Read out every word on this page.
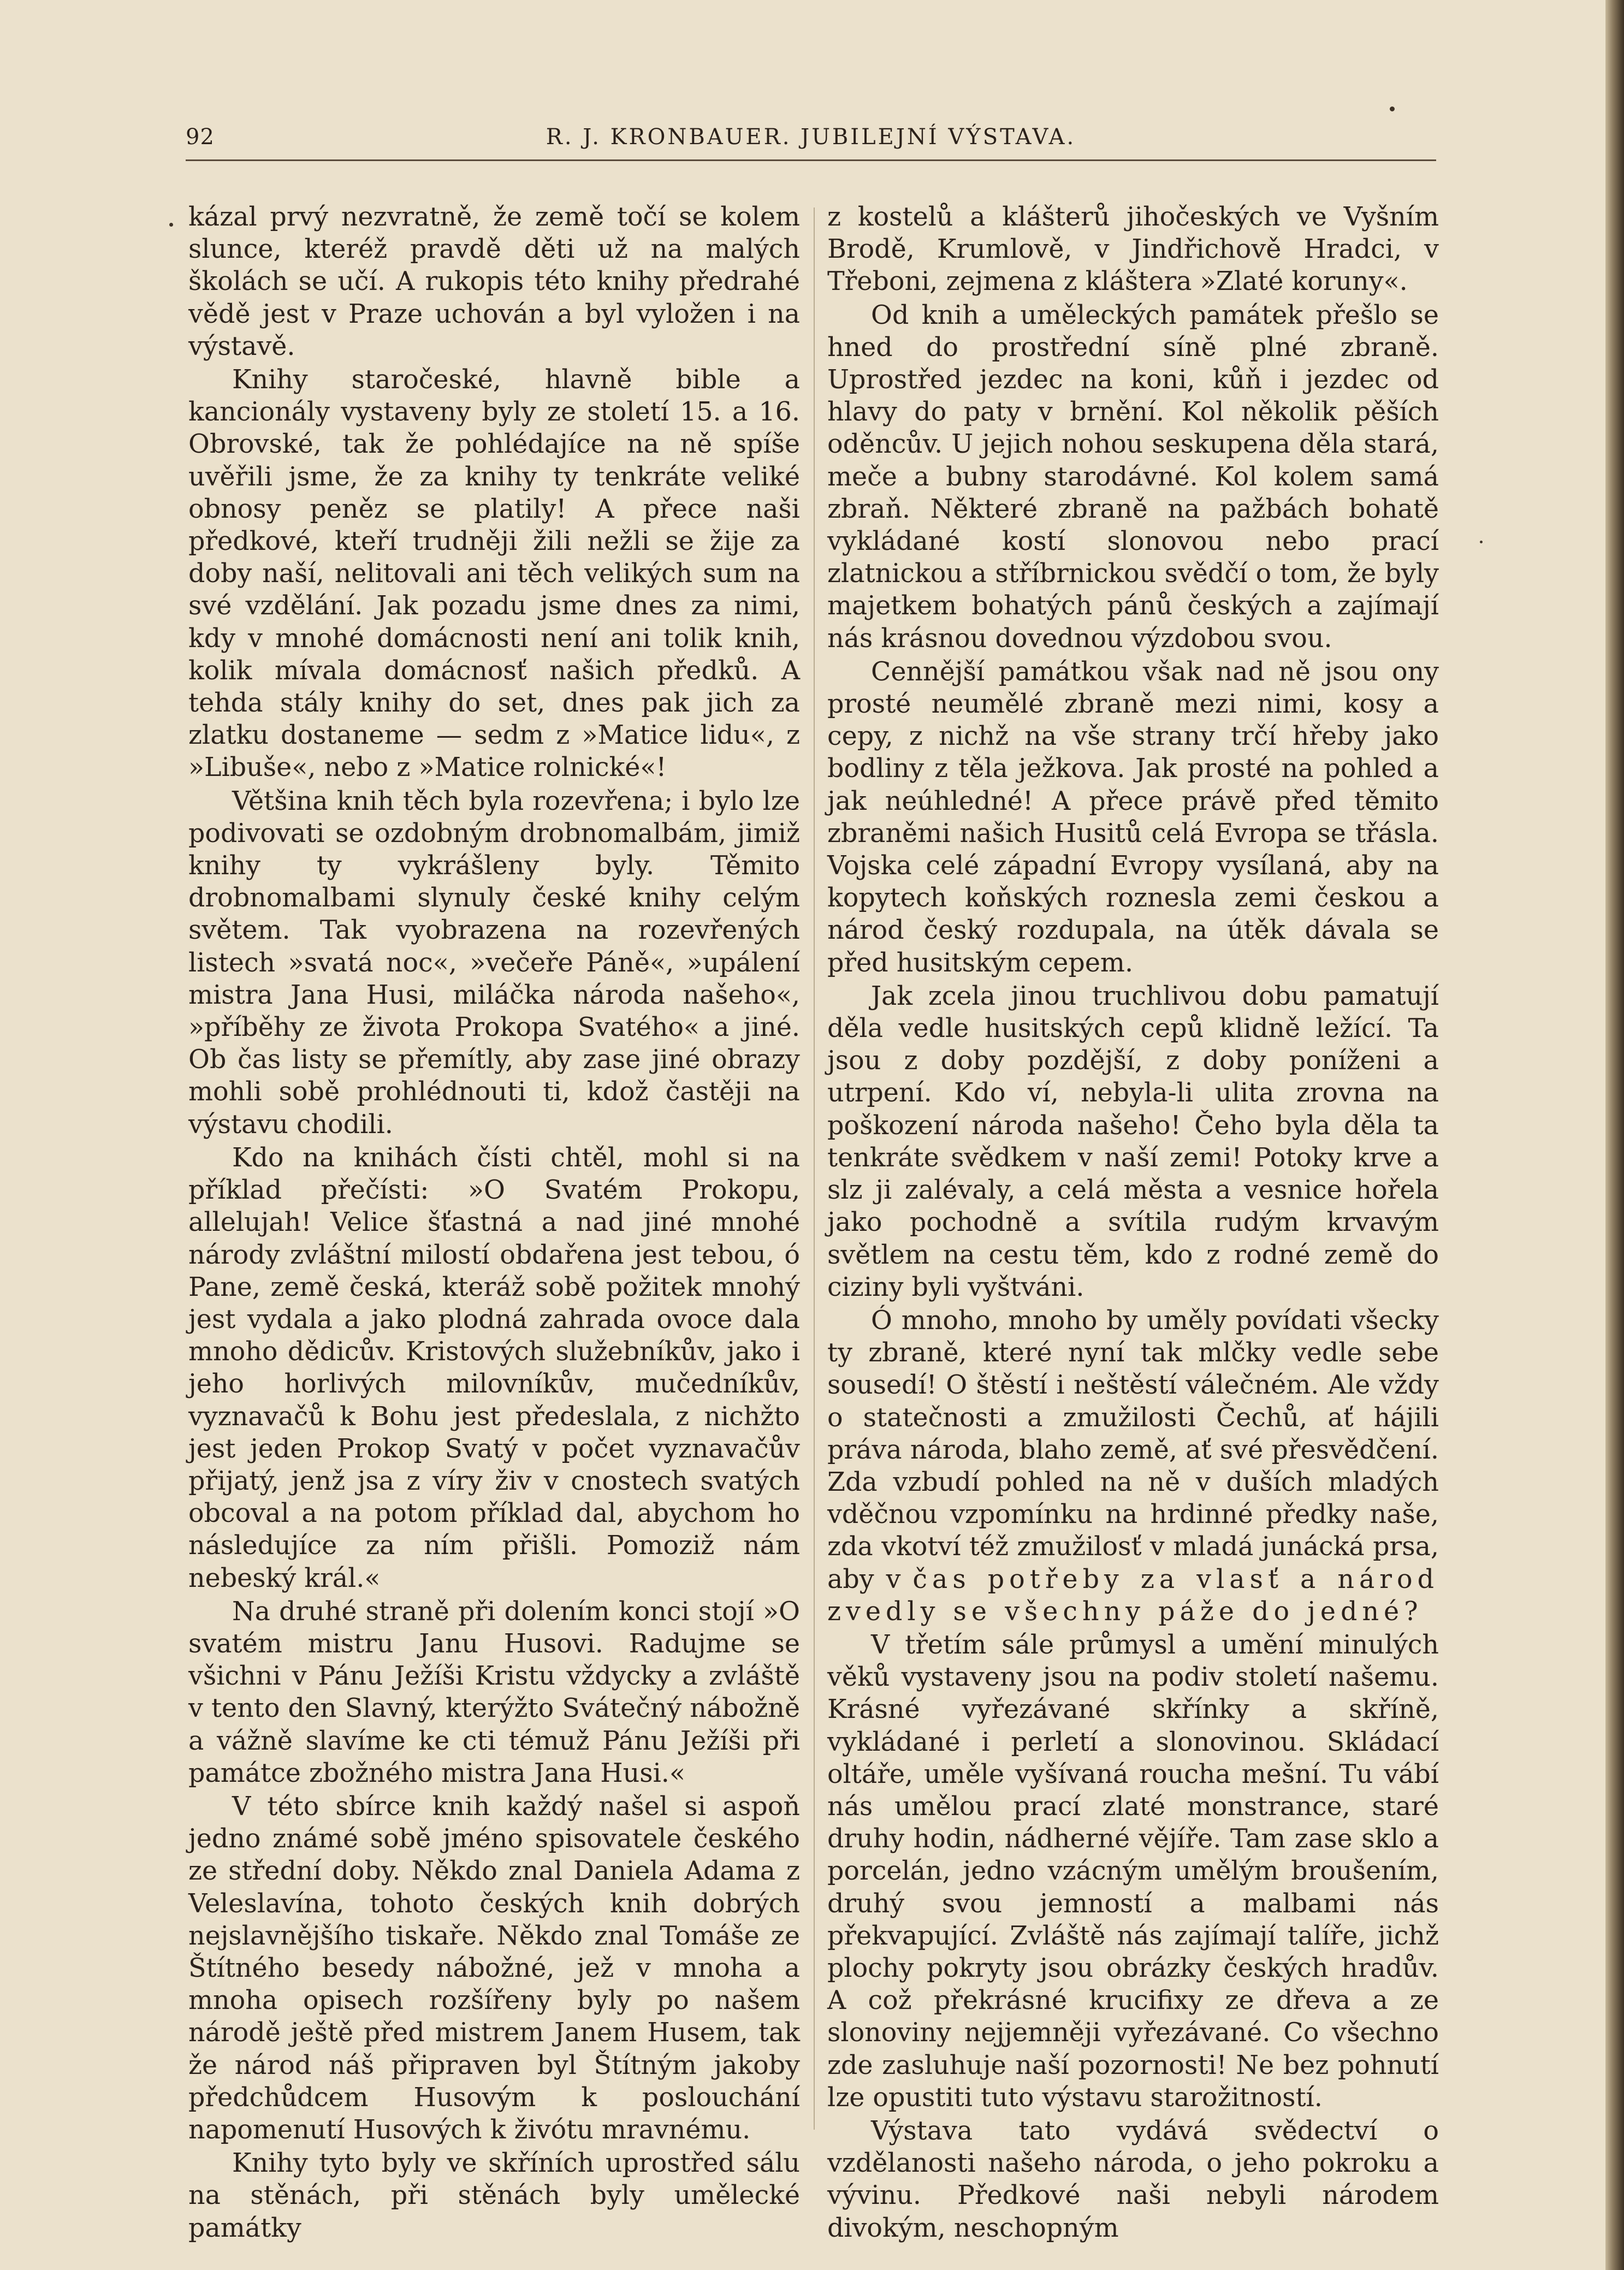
92	R. J. KRONBAUER. JUBILEJNÍ VÝSTAVA.

kázal prvý nezvratně, že země točí se kolem slunce, kteréž pravdě děti už na malých školách se učí. A rukopis této knihy předrahé vědě jest v Praze uchován a byl vyložen i na výstavě.

Knihy staročeské, hlavně bible a kancionály vystaveny byly ze století 15. a 16. Obrovské, tak že pohlédajíce na ně spíše uvěřili jsme, že za knihy ty tenkráte veliké obnosy peněz se platily! A přece naši předkové, kteří trudněji žili nežli se žije za doby naší, nelitovali ani těch velikých sum na své vzdělání. Jak pozadu jsme dnes za nimi, kdy v mnohé domácnosti není ani tolik knih, kolik mívala domácnosť našich předků. A tehda stály knihy do set, dnes pak jich za zlatku dostaneme — sedm z »Matice lidu«, z »Libuše«, nebo z »Matice rolnické«!

Většina knih těch byla rozevřena; i bylo lze podivovati se ozdobným drobnomalbám, jimiž knihy ty vykrášleny byly. Těmito drobnomalbami slynuly české knihy celým světem. Tak vyobrazena na rozevřených listech »svatá noc«, »večeře Páně«, »upálení mistra Jana Husi, miláčka národa našeho«, »příběhy ze života Prokopa Svatého« a jiné. Ob čas listy se přemítly, aby zase jiné obrazy mohli sobě prohlédnouti ti, kdož častěji na výstavu chodili.

Kdo na knihách čísti chtěl, mohl si na příklad přečísti: »O Svatém Prokopu, allelujah! Velice šťastná a nad jiné mnohé národy zvláštní milostí obdařena jest tebou, ó Pane, země česká, kteráž sobě požitek mnohý jest vydala a jako plodná zahrada ovoce dala mnoho dědicův. Kristových služebníkův, jako i jeho horlivých milovníkův, mučedníkův, vyznavačů k Bohu jest předeslala, z nichžto jest jeden Prokop Svatý v počet vyznavačův přijatý, jenž jsa z víry živ v cnostech svatých obcoval a na potom příklad dal, abychom ho následujíce za ním přišli. Pomoziž nám nebeský král.«

Na druhé straně při dolením konci stojí »O svatém mistru Janu Husovi. Radujme se všichni v Pánu Ježíši Kristu vždycky a zvláště v tento den Slavný, kterýžto Svátečný nábožně a vážně slavíme ke cti témuž Pánu Ježíši při památce zbožného mistra Jana Husi.«

V této sbírce knih každý našel si aspoň jedno známé sobě jméno spisovatele českého ze střední doby. Někdo znal Daniela Adama z Veleslavína, tohoto českých knih dobrých nejslavnějšího tiskaře. Někdo znal Tomáše ze Štítného besedy nábožné, jež v mnoha a mnoha opisech rozšířeny byly po našem národě ještě před mistrem Janem Husem, tak že národ náš připraven byl Štítným jakoby předchůdcem Husovým k poslouchání napomenutí Husových k živótu mravnému.

Knihy tyto byly ve skříních uprostřed sálu na stěnách, při stěnách byly umělecké památky

z kostelů a klášterů jihočeských ve Vyšním Brodě, Krumlově, v Jindřichově Hradci, v Třeboni, zejmena z kláštera »Zlaté koruny«.

Od knih a uměleckých památek přešlo se hned do prostřední síně plné zbraně. Uprostřed jezdec na koni, kůň i jezdec od hlavy do paty v brnění. Kol několik pěších oděncův. U jejich nohou seskupena děla stará, meče a bubny starodávné. Kol kolem samá zbraň. Některé zbraně na pažbách bohatě vykládané kostí slonovou nebo prací zlatnickou a stříbrnickou svědčí o tom, že byly majetkem bohatých pánů českých a zajímají nás krásnou dovednou výzdobou svou.

Cennější památkou však nad ně jsou ony prosté neumělé zbraně mezi nimi, kosy a cepy, z nichž na vše strany trčí hřeby jako bodliny z těla ježkova. Jak prosté na pohled a jak neúhledné! A přece právě před těmito zbraněmi našich Husitů celá Evropa se třásla. Vojska celé západní Evropy vysílaná, aby na kopytech koňských roznesla zemi českou a národ český rozdupala, na útěk dávala se před husitským cepem.

Jak zcela jinou truchlivou dobu pamatují děla vedle husitských cepů klidně ležící. Ta jsou z doby pozdější, z doby poníženi a utrpení. Kdo ví, nebyla-li ulita zrovna na poškození národa našeho! Čeho byla děla ta tenkráte svědkem v naší zemi! Potoky krve a slz ji zalévaly, a celá města a vesnice hořela jako pochodně a svítila rudým krvavým světlem na cestu těm, kdo z rodné země do ciziny byli vyštváni.

Ó mnoho, mnoho by uměly povídati všecky ty zbraně, které nyní tak mlčky vedle sebe sousedí! O štěstí i neštěstí válečném. Ale vždy o statečnosti a zmužilosti Čechů, ať hájili práva národa, blaho země, ať své přesvědčení. Zda vzbudí pohled na ně v duších mladých vděčnou vzpomínku na hrdinné předky naše, zda vkotví též zmužilosť v mladá junácká prsa, aby v čas potřeby za vlasť a národ zvedly se všechny páže do jedné?

V třetím sále průmysl a umění minulých věků vystaveny jsou na podiv století našemu. Krásné vyřezávané skřínky a skříně, vykládané i perletí a slonovinou. Skládací oltáře, uměle vyšívaná roucha mešní. Tu vábí nás umělou prací zlaté monstrance, staré druhy hodin, nádherné vějíře. Tam zase sklo a porcelán, jedno vzácným umělým broušením, druhý svou jemností a malbami nás překvapující. Zvláště nás zajímají talíře, jichž plochy pokryty jsou obrázky českých hradův. A což překrásné krucifixy ze dřeva a ze slonoviny nejjemněji vyřezávané. Co všechno zde zasluhuje naší pozornosti! Ne bez pohnutí lze opustiti tuto výstavu starožitností.

Výstava tato vydává svědectví o vzdělanosti našeho národa, o jeho pokroku a vývinu. Předkové naši nebyli národem divokým, neschopným
